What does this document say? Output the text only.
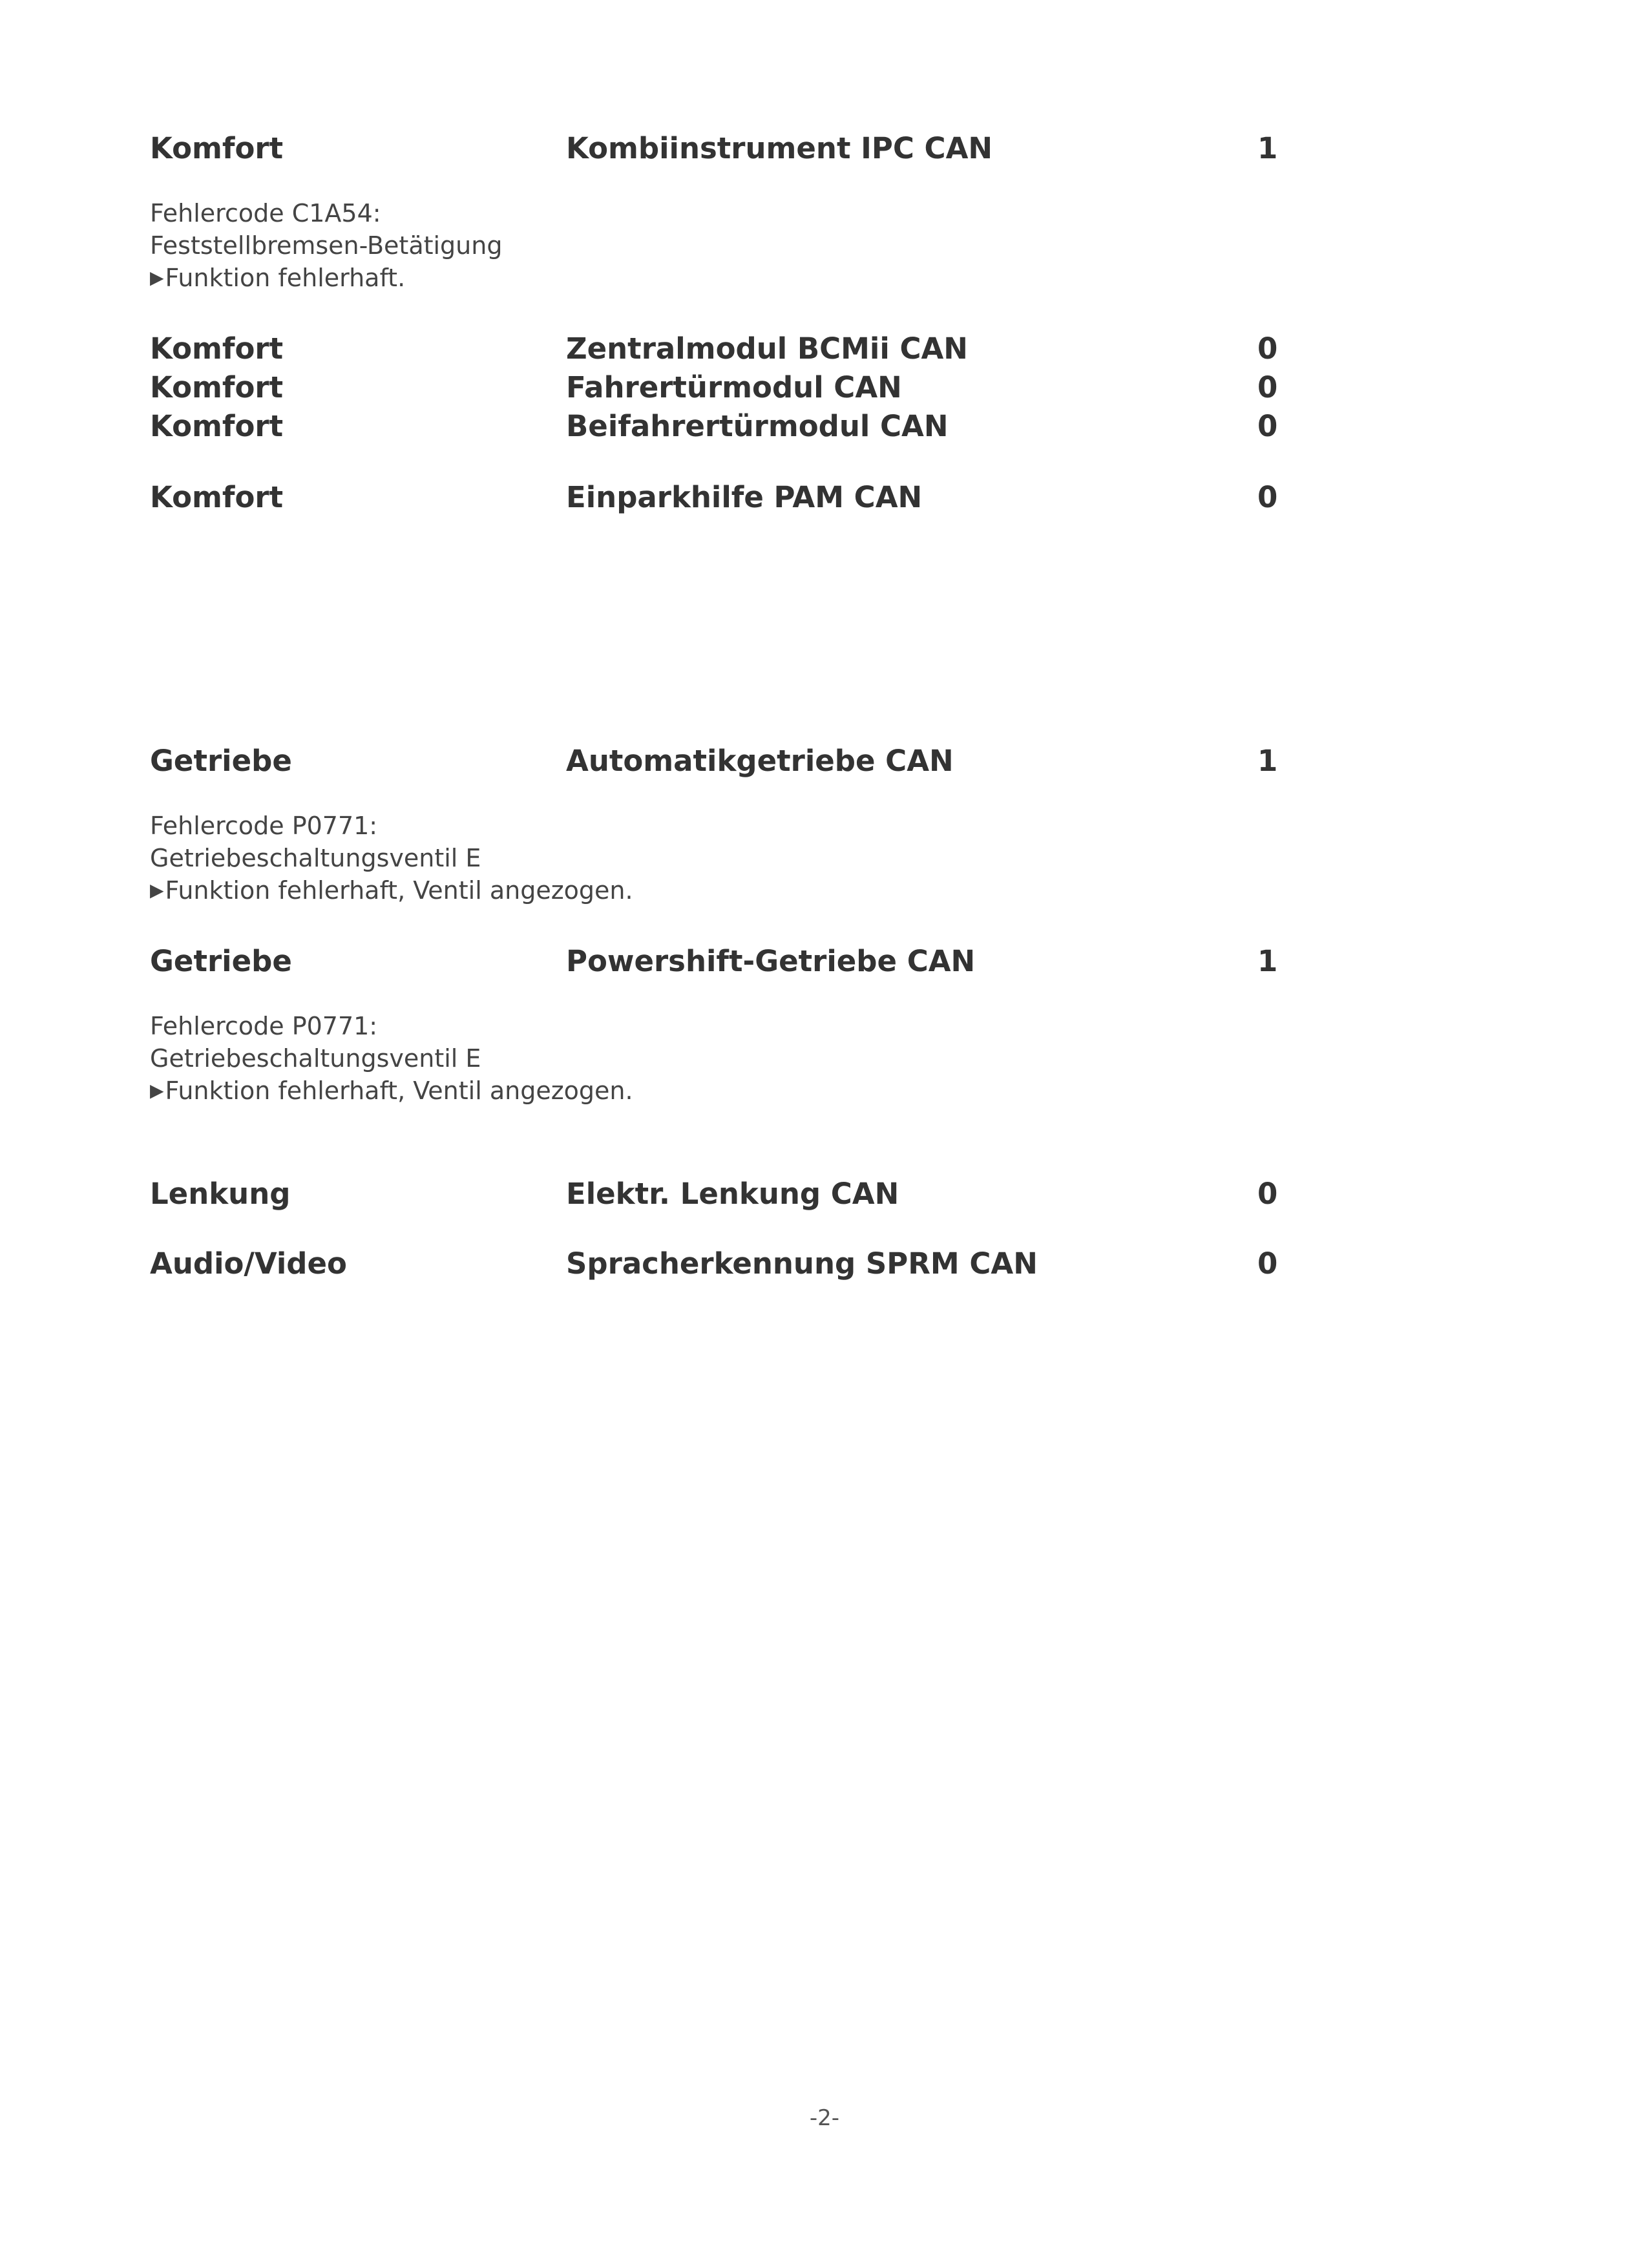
Komfort	Kombiinstrument IPC CAN	1
Fehlercode C1A54:
Feststellbremsen-Betätigung
▶Funktion fehlerhaft.
Komfort	Zentralmodul BCMii CAN	0
Komfort	Fahrertürmodul CAN	0
Komfort	Beifahrertürmodul CAN	0
Komfort	Einparkhilfe PAM CAN	0
Getriebe	Automatikgetriebe CAN	1
Fehlercode P0771:
Getriebeschaltungsventil E
▶Funktion fehlerhaft, Ventil angezogen.
Getriebe	Powershift-Getriebe CAN	1
Fehlercode P0771:
Getriebeschaltungsventil E
▶Funktion fehlerhaft, Ventil angezogen.
Lenkung	Elektr. Lenkung CAN	0
Audio/Video	Spracherkennung SPRM CAN	0
-2-
